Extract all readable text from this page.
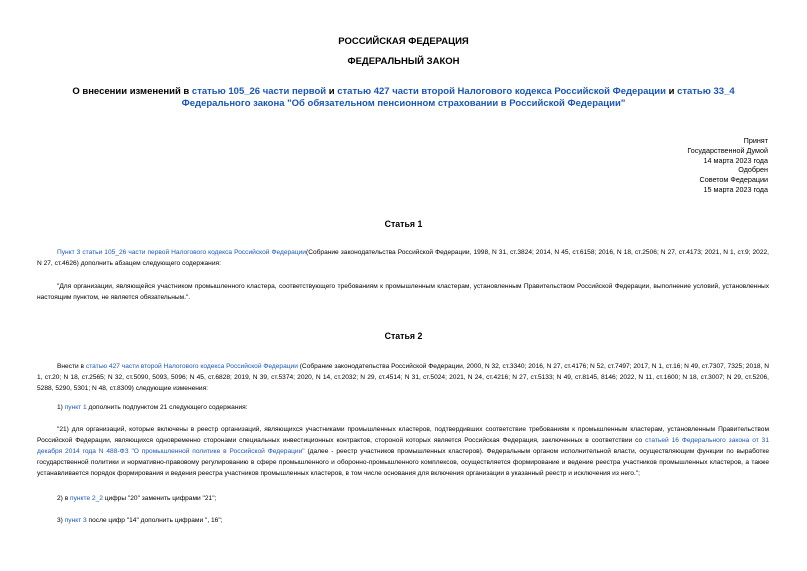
РОССИЙСКАЯ ФЕДЕРАЦИЯ
ФЕДЕРАЛЬНЫЙ ЗАКОН
О внесении изменений в статью 105_26 части первой и статью 427 части второй Налогового кодекса Российской Федерации и статью 33_4 Федерального закона "Об обязательном пенсионном страховании в Российской Федерации"
Принят
Государственной Думой
14 марта 2023 года
Одобрен
Советом Федерации
15 марта 2023 года
Статья 1
Пункт 3 статьи 105_26 части первой Налогового кодекса Российской Федерации(Собрание законодательства Российской Федерации, 1998, N 31, ст.3824; 2014, N 45, ст.6158; 2016, N 18, ст.2506; N 27, ст.4173; 2021, N 1, ст.9; 2022, N 27, ст.4626) дополнить абзацем следующего содержания:
"Для организации, являющейся участником промышленного кластера, соответствующего требованиям к промышленным кластерам, установленным Правительством Российской Федерации, выполнение условий, установленных настоящим пунктом, не является обязательным.".
Статья 2
Внести в статью 427 части второй Налогового кодекса Российской Федерации (Собрание законодательства Российской Федерации, 2000, N 32, ст.3340; 2016, N 27, ст.4176; N 52, ст.7497; 2017, N 1, ст.16; N 49, ст.7307, 7325; 2018, N 1, ст.20; N 18, ст.2565; N 32, ст.5090, 5093, 5096; N 45, ст.6828; 2019, N 39, ст.5374; 2020, N 14, ст.2032; N 29, ст.4514; N 31, ст.5024; 2021, N 24, ст.4216; N 27, ст.5133; N 49, ст.8145, 8146; 2022, N 11, ст.1600; N 18, ст.3007; N 29, ст.5206, 5288, 5290, 5301; N 48, ст.8309) следующие изменения:
1) пункт 1 дополнить подпунктом 21 следующего содержания:
"21) для организаций, которые включены в реестр организаций, являющихся участниками промышленных кластеров, подтвердивших соответствие требованиям к промышленным кластерам, установленным Правительством Российской Федерации, являющихся одновременно сторонами специальных инвестиционных контрактов, стороной которых является Российская Федерация, заключенных в соответствии со статьей 16 Федерального закона от 31 декабря 2014 года N 488-ФЗ "О промышленной политике в Российской Федерации" (далее - реестр участников промышленных кластеров). Федеральным органом исполнительной власти, осуществляющим функции по выработке государственной политики и нормативно-правовому регулированию в сфере промышленного и оборонно-промышленного комплексов, осуществляется формирование и ведение реестра участников промышленных кластеров, а также устанавливается порядок формирования и ведения реестра участников промышленных кластеров, в том числе основания для включения организации в указанный реестр и исключения из него.";
2) в пункте 2_2 цифры "20" заменить цифрами "21";
3) пункт 3 после цифр "14" дополнить цифрами ", 16";
